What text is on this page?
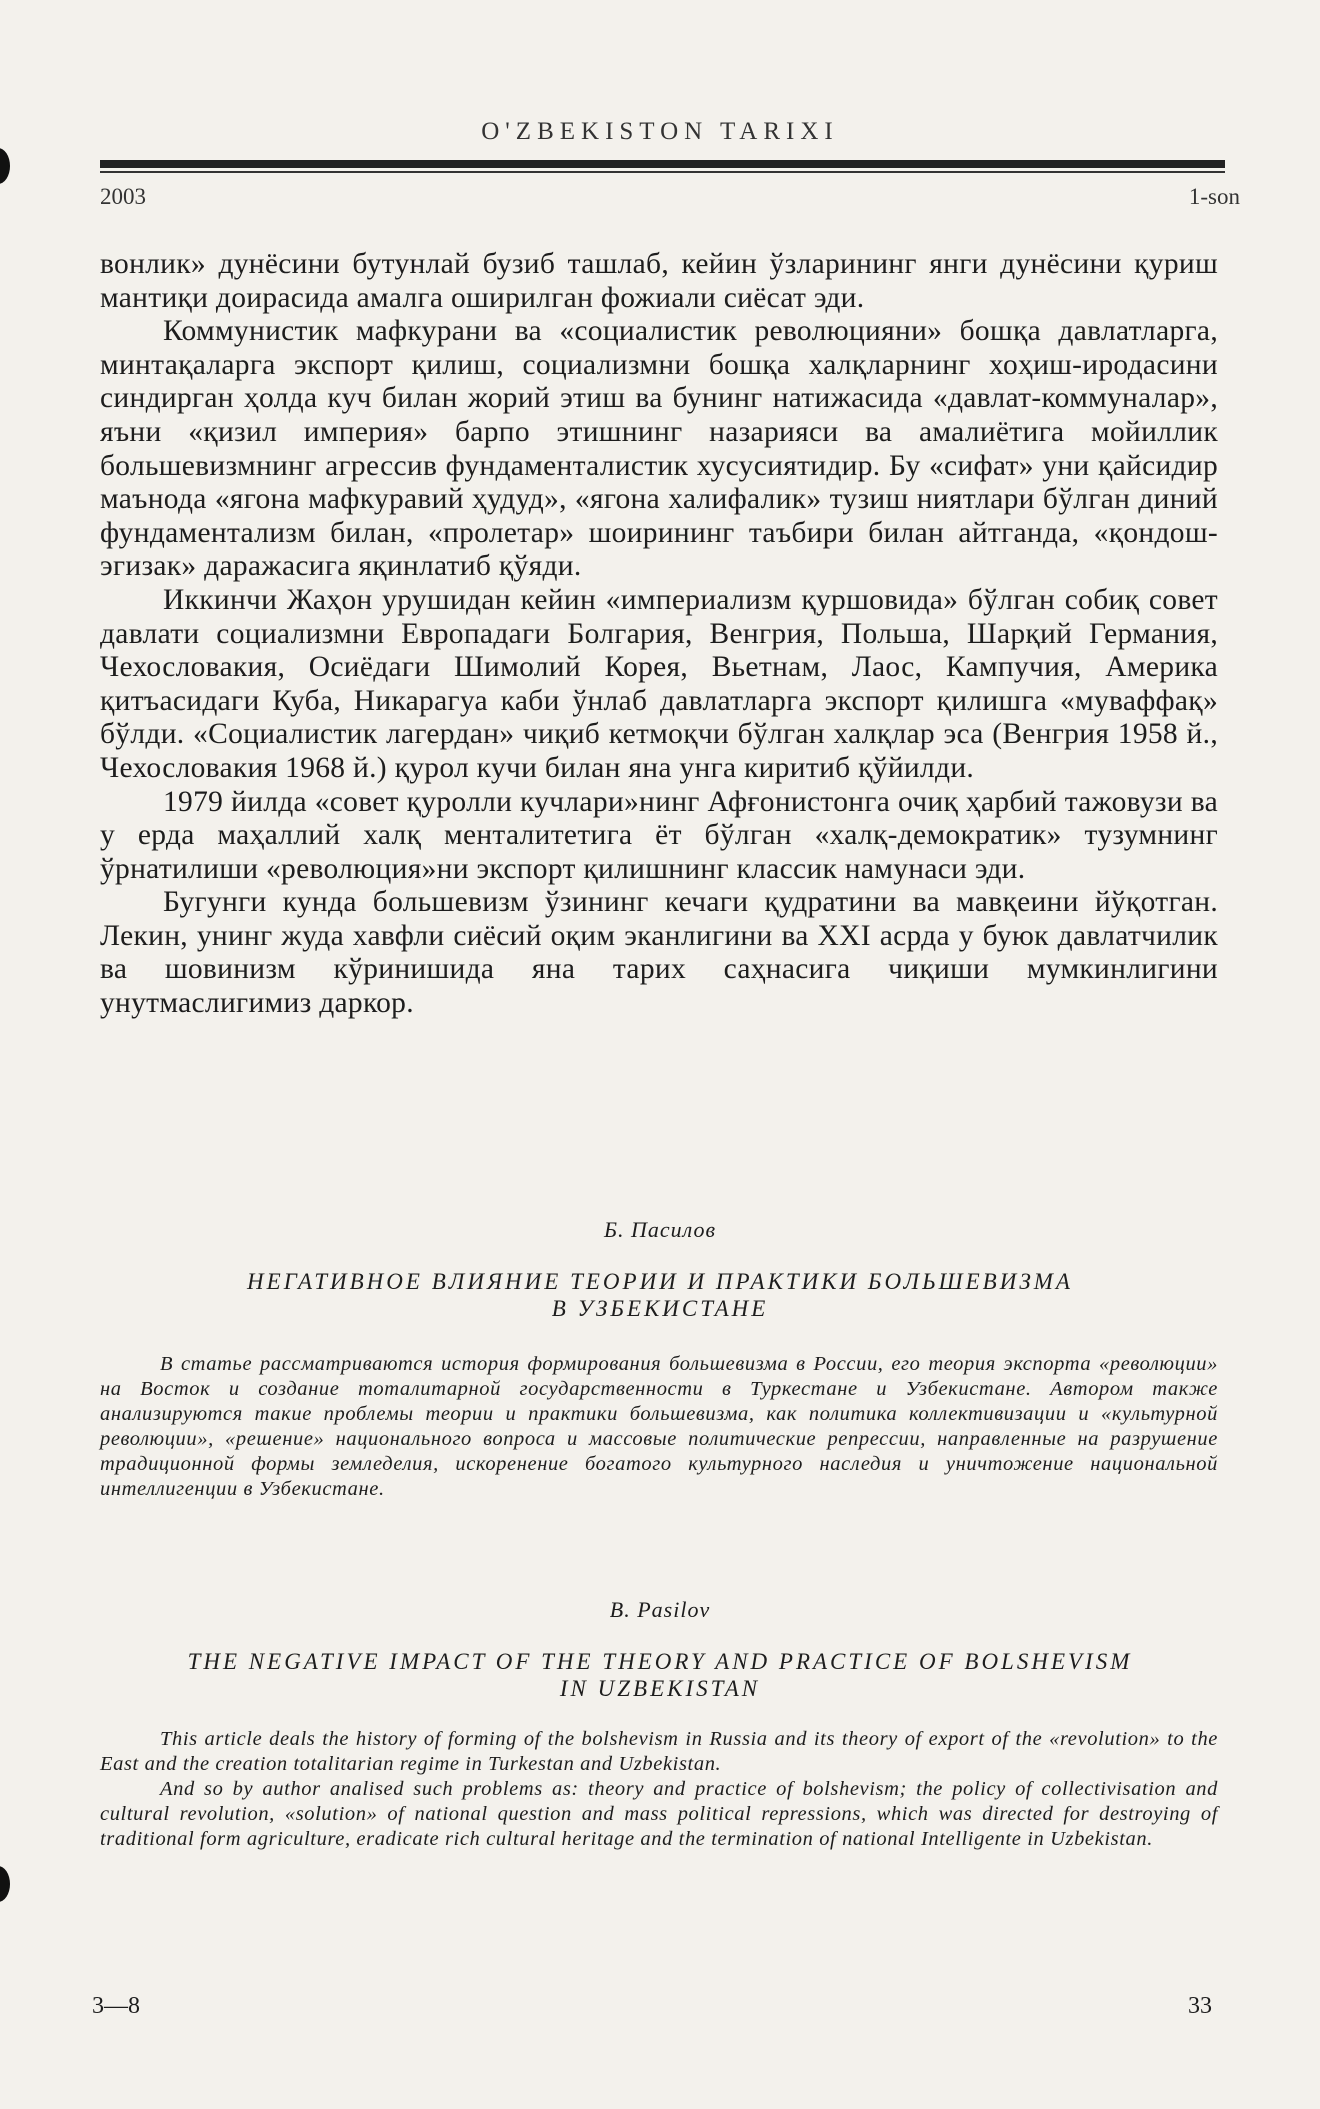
O'ZBEKISTON TARIXI
2003	1-son

вонлик» дунёсини бутунлай бузиб ташлаб, кейин ўзларининг янги дунёсини қуриш мантиқи доирасида амалга оширилган фожиали сиёсат эди.

Коммунистик мафкурани ва «социалистик революцияни» бошқа давлатларга, минтақаларга экспорт қилиш, социализмни бошқа халқларнинг хоҳиш-иродасини синдирган ҳолда куч билан жорий этиш ва бунинг натижасида «давлат-коммуналар», яъни «қизил империя» барпо этишнинг назарияси ва амалиётига мойиллик большевизмнинг агрессив фундаменталистик хусусиятидир. Бу «сифат» уни қайсидир маънода «ягона мафкуравий ҳудуд», «ягона халифалик» тузиш ниятлари бўлган диний фундаментализм билан, «пролетар» шоирининг таъбири билан айтганда, «қондош-эгизак» даражасига яқинлатиб қўяди.

Иккинчи Жаҳон урушидан кейин «империализм қуршовида» бўлган собиқ совет давлати социализмни Европадаги Болгария, Венгрия, Польша, Шарқий Германия, Чехословакия, Осиёдаги Шимолий Корея, Вьетнам, Лаос, Кампучия, Америка қитъасидаги Куба, Никарагуа каби ўнлаб давлатларга экспорт қилишга «муваффақ» бўлди. «Социалистик лагердан» чиқиб кетмоқчи бўлган халқлар эса (Венгрия 1958 й., Чехословакия 1968 й.) қурол кучи билан яна унга киритиб қўйилди.

1979 йилда «совет қуролли кучлари»нинг Афғонистонга очиқ ҳарбий тажовузи ва у ерда маҳаллий халқ менталитетига ёт бўлган «халқ-демократик» тузумнинг ўрнатилиши «революция»ни экспорт қилишнинг классик намунаси эди.

Бугунги кунда большевизм ўзининг кечаги қудратини ва мавқеини йўқотган. Лекин, унинг жуда хавфли сиёсий оқим эканлигини ва XXI асрда у буюк давлатчилик ва шовинизм кўринишида яна тарих саҳнасига чиқиши мумкинлигини унутмаслигимиз даркор.

Б. Пасилов
НЕГАТИВНОЕ ВЛИЯНИЕ ТЕОРИИ И ПРАКТИКИ БОЛЬШЕВИЗМА
В УЗБЕКИСТАНЕ

В статье рассматриваются история формирования большевизма в России, его теория экспорта «революции» на Восток и создание тоталитарной государственности в Туркестане и Узбекистане. Автором также анализируются такие проблемы теории и практики большевизма, как политика коллективизации и «культурной революции», «решение» национального вопроса и массовые политические репрессии, направленные на разрушение традиционной формы земледелия, искоренение богатого культурного наследия и уничтожение национальной интеллигенции в Узбекистане.

B. Pasilov
THE NEGATIVE IMPACT OF THE THEORY AND PRACTICE OF BOLSHEVISM
IN UZBEKISTAN

This article deals the history of forming of the bolshevism in Russia and its theory of export of the «revolution» to the East and the creation totalitarian regime in Turkestan and Uzbekistan.

And so by author analised such problems as: theory and practice of bolshevism; the policy of collectivisation and cultural revolution, «solution» of national question and mass political repressions, which was directed for destroying of traditional form agriculture, eradicate rich cultural heritage and the termination of national Intelligente in Uzbekistan.

3—8	33
